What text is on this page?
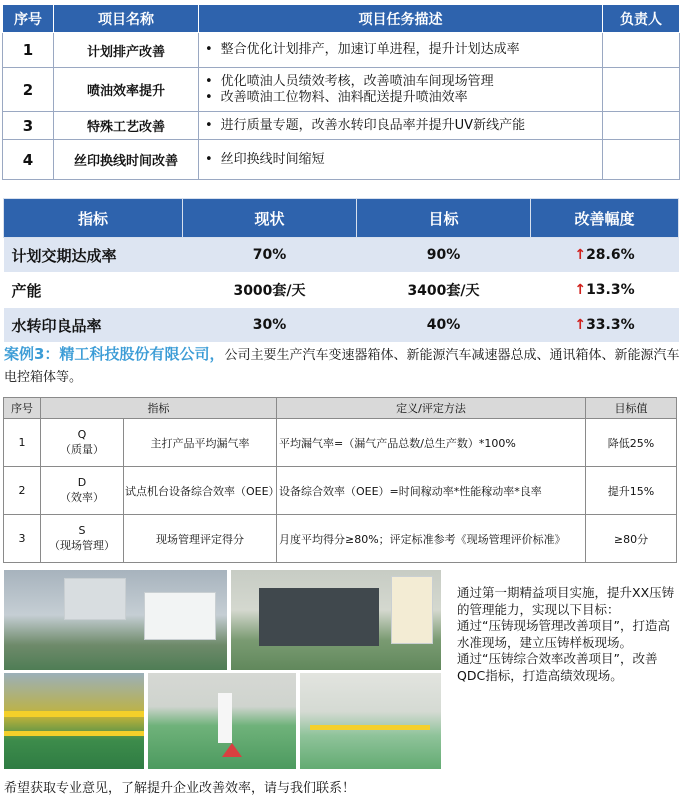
序号	项目名称	项目任务描述	负责人
1	计划排产改善	• 整合优化计划排产，加速订单进程，提升计划达成率

2	喷油效率提升	• 优化喷油人员绩效考核，改善喷油车间现场管理
• 改善喷油工位物料、油料配送提升喷油效率

3	特殊工艺改善	• 进行质量专题，改善水转印良品率并提升UV新线产能

4	丝印换线时间改善	• 丝印换线时间缩短

指标	现状	目标	改善幅度
计划交期达成率	70%	90%	↑28.6%
产能	3000套/天	3400套/天	↑13.3%
水转印良品率	30%	40%	↑33.3%
案例3：精工科技股份有限公司，公司主要生产汽车变速器箱体、新能源汽车减速器总成、通讯箱体、新能源汽车电控箱体等。
序号	指标		定义/评定方法	目标值
1	Q
（质量）	主打产品平均漏气率	平均漏气率=（漏气产品总数/总生产数）*100%	降低25%
2	D
（效率）	试点机台设备综合效率（OEE）	设备综合效率（OEE）=时间稼动率*性能稼动率*良率	提升15%
3	S
（现场管理）	现场管理评定得分	月度平均得分≥80%；评定标准参考《现场管理评价标准》	≥80分
通过第一期精益项目实施，提升XX压铸的管理能力，实现以下目标：
通过“压铸现场管理改善项目”，打造高水准现场，建立压铸样板现场。
通过“压铸综合效率改善项目”，改善QDC指标，打造高绩效现场。
希望获取专业意见，了解提升企业改善效率，请与我们联系！
